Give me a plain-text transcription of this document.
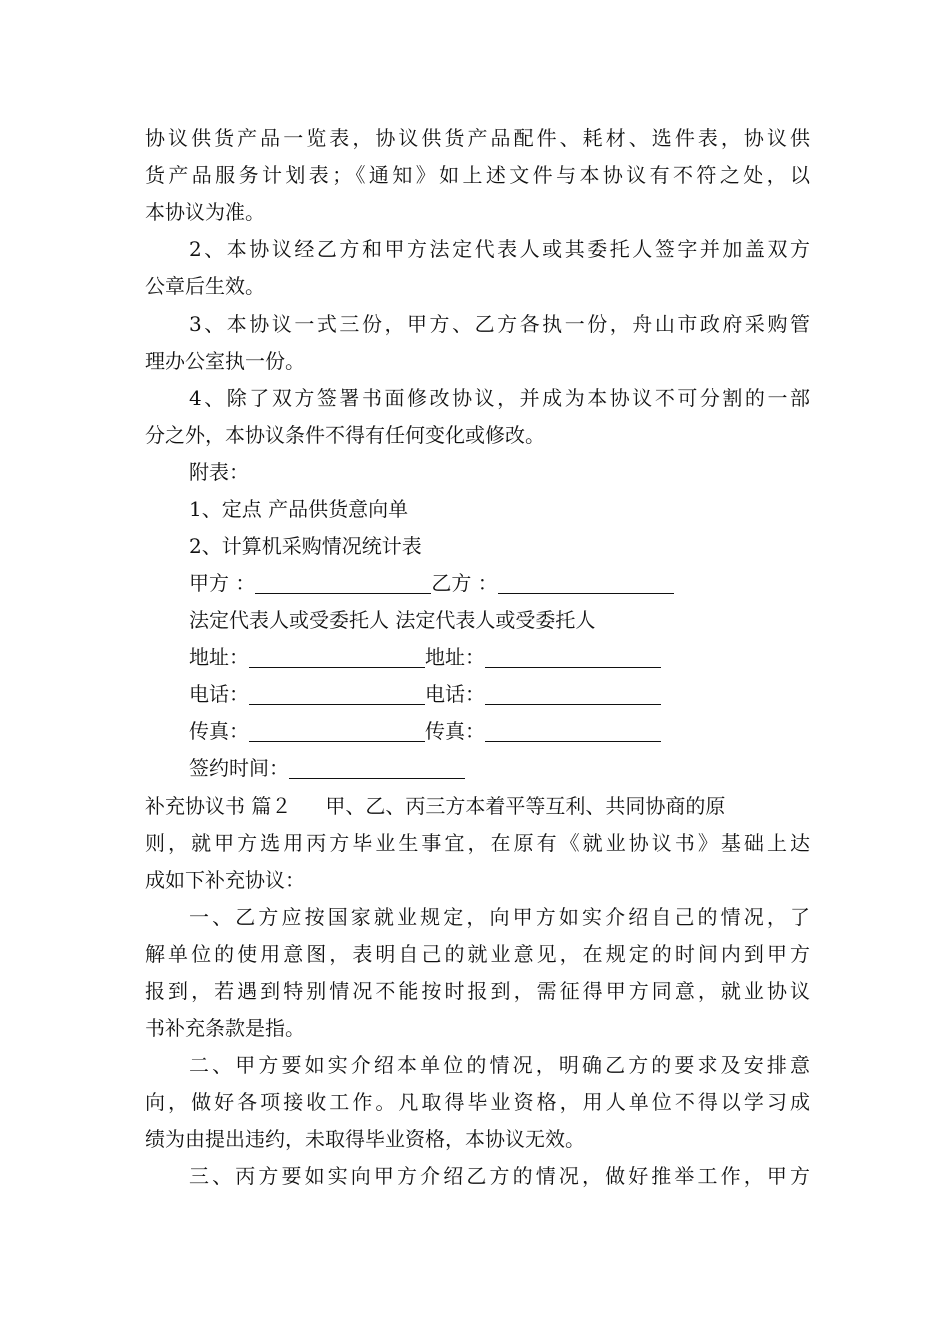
协议供货产品一览表，协议供货产品配件、耗材、选件表，协议供
货产品服务计划表；《通知》如上述文件与本协议有不符之处，以
本协议为准。
2、本协议经乙方和甲方法定代表人或其委托人签字并加盖双方
公章后生效。
3、本协议一式三份，甲方、乙方各执一份，舟山市政府采购管
理办公室执一份。
4、除了双方签署书面修改协议，并成为本协议不可分割的一部
分之外，本协议条件不得有任何变化或修改。
附表：
1、定点 产品供货意向单
2、计算机采购情况统计表
甲方 ：	乙方 ：
法定代表人或受委托人 法定代表人或受委托人
地址：	地址：
电话：	电话：
传真：	传真：
签约时间：
补充协议书 篇２ 甲、乙、丙三方本着平等互利、共同协商的原
则，就甲方选用丙方毕业生事宜，在原有《就业协议书》基础上达
成如下补充协议：
一、乙方应按国家就业规定，向甲方如实介绍自己的情况，了
解单位的使用意图，表明自己的就业意见，在规定的时间内到甲方
报到，若遇到特别情况不能按时报到，需征得甲方同意，就业协议
书补充条款是指。
二、甲方要如实介绍本单位的情况，明确乙方的要求及安排意
向，做好各项接收工作。凡取得毕业资格，用人单位不得以学习成
绩为由提出违约，未取得毕业资格，本协议无效。
三、丙方要如实向甲方介绍乙方的情况，做好推举工作，甲方
